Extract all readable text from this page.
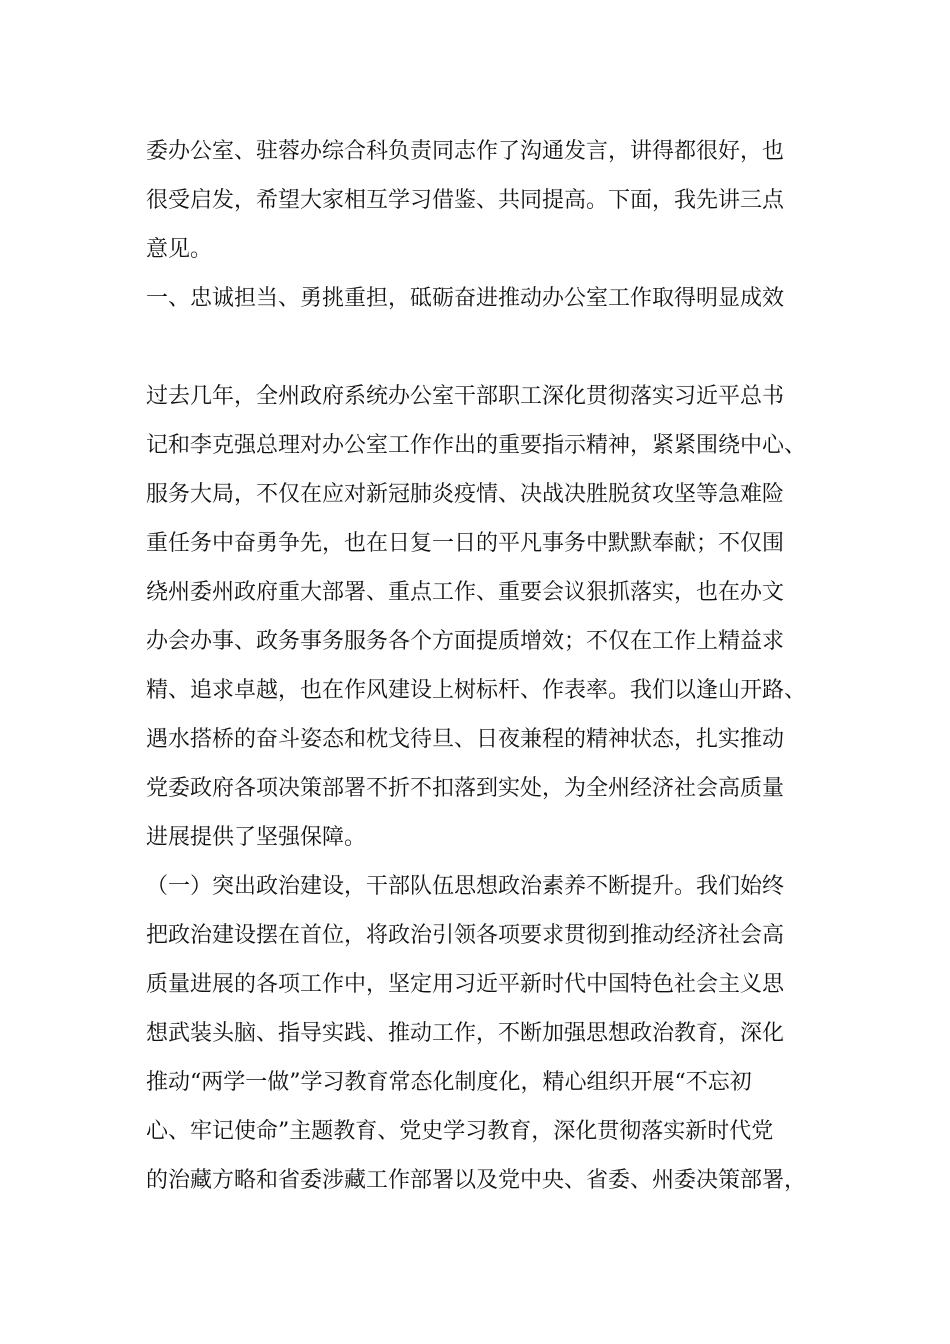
委办公室、驻蓉办综合科负责同志作了沟通发言，讲得都很好，也
很受启发，希望大家相互学习借鉴、共同提高。下面，我先讲三点
意见。
一、忠诚担当、勇挑重担，砥砺奋进推动办公室工作取得明显成效
过去几年，全州政府系统办公室干部职工深化贯彻落实习近平总书
记和李克强总理对办公室工作作出的重要指示精神，紧紧围绕中心、
服务大局，不仅在应对新冠肺炎疫情、决战决胜脱贫攻坚等急难险
重任务中奋勇争先，也在日复一日的平凡事务中默默奉献；不仅围
绕州委州政府重大部署、重点工作、重要会议狠抓落实，也在办文
办会办事、政务事务服务各个方面提质增效；不仅在工作上精益求
精、追求卓越，也在作风建设上树标杆、作表率。我们以逢山开路、
遇水搭桥的奋斗姿态和枕戈待旦、日夜兼程的精神状态，扎实推动
党委政府各项决策部署不折不扣落到实处，为全州经济社会高质量
进展提供了坚强保障。
（一）突出政治建设，干部队伍思想政治素养不断提升。我们始终
把政治建设摆在首位，将政治引领各项要求贯彻到推动经济社会高
质量进展的各项工作中，坚定用习近平新时代中国特色社会主义思
想武装头脑、指导实践、推动工作，不断加强思想政治教育，深化
推动“两学一做”学习教育常态化制度化，精心组织开展“不忘初
心、牢记使命”主题教育、党史学习教育，深化贯彻落实新时代党
的治藏方略和省委涉藏工作部署以及党中央、省委、州委决策部署，
